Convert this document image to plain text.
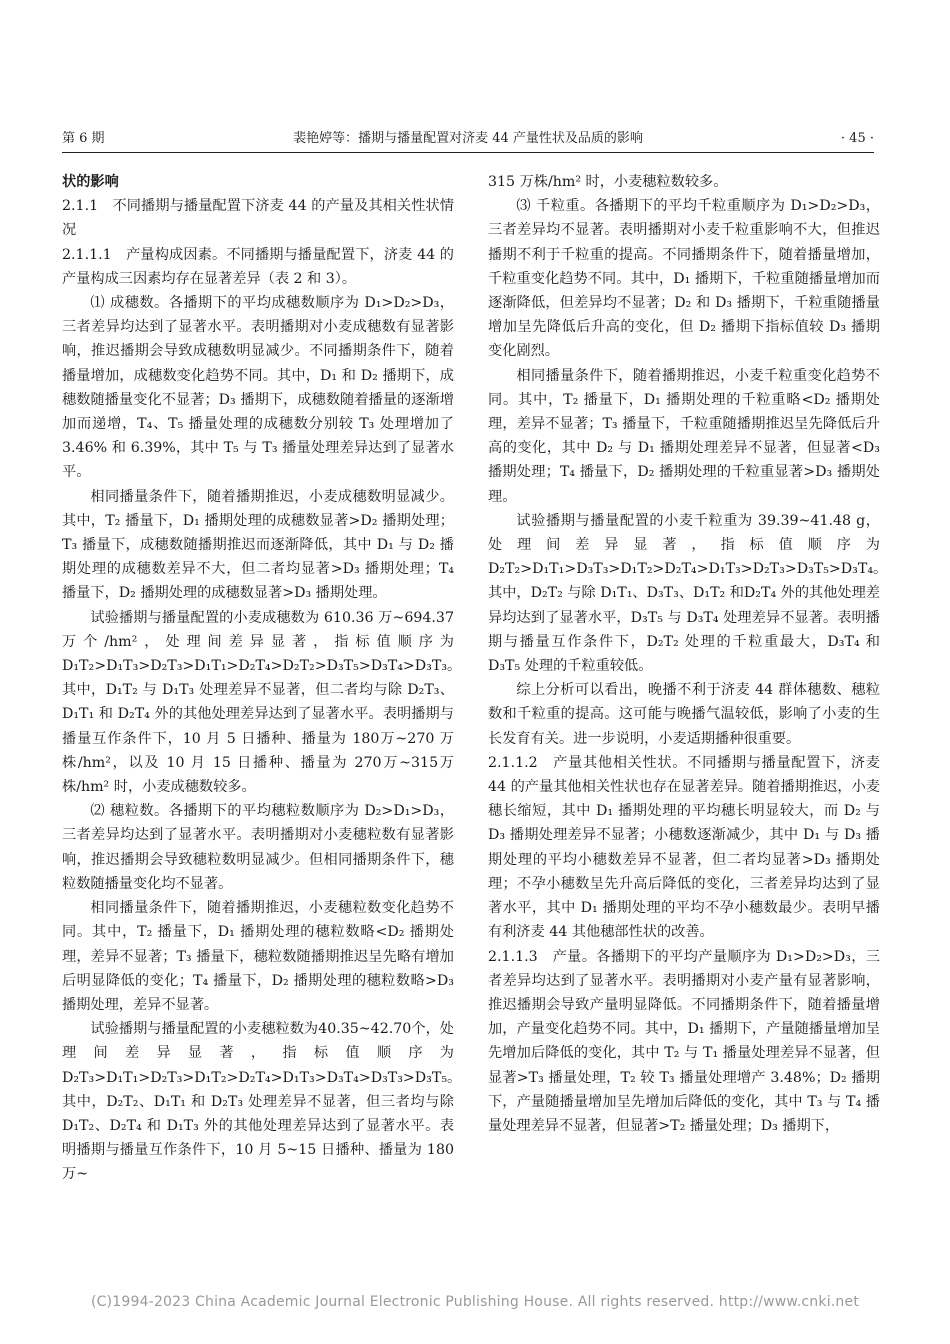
第 6 期	裴艳婷等：播期与播量配置对济麦 44 产量性状及品质的影响	· 45 ·

状的影响

2.1.1　不同播期与播量配置下济麦 44 的产量及其相关性状情况

2.1.1.1　产量构成因素。不同播期与播量配置下，济麦 44 的产量构成三因素均存在显著差异（表 2 和 3）。

⑴ 成穗数。各播期下的平均成穗数顺序为 D₁>D₂>D₃，三者差异均达到了显著水平。表明播期对小麦成穗数有显著影响，推迟播期会导致成穗数明显减少。不同播期条件下，随着播量增加，成穗数变化趋势不同。其中，D₁ 和 D₂ 播期下，成穗数随播量变化不显著；D₃ 播期下，成穗数随着播量的逐渐增加而递增，T₄、T₅ 播量处理的成穗数分别较 T₃ 处理增加了 3.46% 和 6.39%，其中 T₅ 与 T₃ 播量处理差异达到了显著水平。

相同播量条件下，随着播期推迟，小麦成穗数明显减少。其中，T₂ 播量下，D₁ 播期处理的成穗数显著>D₂ 播期处理；T₃ 播量下，成穗数随播期推迟而逐渐降低，其中 D₁ 与 D₂ 播期处理的成穗数差异不大，但二者均显著>D₃ 播期处理；T₄ 播量下，D₂ 播期处理的成穗数显著>D₃ 播期处理。

试验播期与播量配置的小麦成穗数为 610.36 万~694.37 万个/hm²，处理间差异显著，指标值顺序为 D₁T₂>D₁T₃>D₂T₃>D₁T₁>D₂T₄>D₂T₂>D₃T₅>D₃T₄>D₃T₃。其中，D₁T₂ 与 D₁T₃ 处理差异不显著，但二者均与除 D₂T₃、D₁T₁ 和 D₂T₄ 外的其他处理差异达到了显著水平。表明播期与播量互作条件下，10 月 5 日播种、播量为 180万~270 万株/hm²，以及 10 月 15 日播种、播量为 270万~315万株/hm² 时，小麦成穗数较多。

⑵ 穗粒数。各播期下的平均穗粒数顺序为 D₂>D₁>D₃，三者差异均达到了显著水平。表明播期对小麦穗粒数有显著影响，推迟播期会导致穗粒数明显减少。但相同播期条件下，穗粒数随播量变化均不显著。

相同播量条件下，随着播期推迟，小麦穗粒数变化趋势不同。其中，T₂ 播量下，D₁ 播期处理的穗粒数略<D₂ 播期处理，差异不显著；T₃ 播量下，穗粒数随播期推迟呈先略有增加后明显降低的变化；T₄ 播量下，D₂ 播期处理的穗粒数略>D₃ 播期处理，差异不显著。

试验播期与播量配置的小麦穗粒数为40.35~42.70个，处理间差异显著，指标值顺序为 D₂T₃>D₁T₁>D₂T₃>D₁T₂>D₂T₄>D₁T₃>D₃T₄>D₃T₃>D₃T₅。其中，D₂T₂、D₁T₁ 和 D₂T₃ 处理差异不显著，但三者均与除 D₁T₂、D₂T₄ 和 D₁T₃ 外的其他处理差异达到了显著水平。表明播期与播量互作条件下，10 月 5~15 日播种、播量为 180 万~

315 万株/hm² 时，小麦穗粒数较多。

⑶ 千粒重。各播期下的平均千粒重顺序为 D₁>D₂>D₃，三者差异均不显著。表明播期对小麦千粒重影响不大，但推迟播期不利于千粒重的提高。不同播期条件下，随着播量增加，千粒重变化趋势不同。其中，D₁ 播期下，千粒重随播量增加而逐渐降低，但差异均不显著；D₂ 和 D₃ 播期下，千粒重随播量增加呈先降低后升高的变化，但 D₂ 播期下指标值较 D₃ 播期变化剧烈。

相同播量条件下，随着播期推迟，小麦千粒重变化趋势不同。其中，T₂ 播量下，D₁ 播期处理的千粒重略<D₂ 播期处理，差异不显著；T₃ 播量下，千粒重随播期推迟呈先降低后升高的变化，其中 D₂ 与 D₁ 播期处理差异不显著，但显著<D₃ 播期处理；T₄ 播量下，D₂ 播期处理的千粒重显著>D₃ 播期处理。

试验播期与播量配置的小麦千粒重为 39.39~41.48 g，处理间差异显著，指标值顺序为 D₂T₂>D₁T₁>D₃T₃>D₁T₂>D₂T₄>D₁T₃>D₂T₃>D₃T₅>D₃T₄。其中，D₂T₂ 与除 D₁T₁、D₃T₃、D₁T₂ 和D₂T₄ 外的其他处理差异均达到了显著水平，D₃T₅ 与 D₃T₄ 处理差异不显著。表明播期与播量互作条件下，D₂T₂ 处理的千粒重最大，D₃T₄ 和 D₃T₅ 处理的千粒重较低。

综上分析可以看出，晚播不利于济麦 44 群体穗数、穗粒数和千粒重的提高。这可能与晚播气温较低，影响了小麦的生长发育有关。进一步说明，小麦适期播种很重要。

2.1.1.2　产量其他相关性状。不同播期与播量配置下，济麦 44 的产量其他相关性状也存在显著差异。随着播期推迟，小麦穗长缩短，其中 D₁ 播期处理的平均穗长明显较大，而 D₂ 与 D₃ 播期处理差异不显著；小穗数逐渐减少，其中 D₁ 与 D₃ 播期处理的平均小穗数差异不显著，但二者均显著>D₃ 播期处理；不孕小穗数呈先升高后降低的变化，三者差异均达到了显著水平，其中 D₁ 播期处理的平均不孕小穗数最少。表明早播有利济麦 44 其他穗部性状的改善。

2.1.1.3　产量。各播期下的平均产量顺序为 D₁>D₂>D₃，三者差异均达到了显著水平。表明播期对小麦产量有显著影响，推迟播期会导致产量明显降低。不同播期条件下，随着播量增加，产量变化趋势不同。其中，D₁ 播期下，产量随播量增加呈先增加后降低的变化，其中 T₂ 与 T₁ 播量处理差异不显著，但显著>T₃ 播量处理，T₂ 较 T₃ 播量处理增产 3.48%；D₂ 播期下，产量随播量增加呈先增加后降低的变化，其中 T₃ 与 T₄ 播量处理差异不显著，但显著>T₂ 播量处理；D₃ 播期下，

(C)1994-2023 China Academic Journal Electronic Publishing House. All rights reserved. http://www.cnki.net
